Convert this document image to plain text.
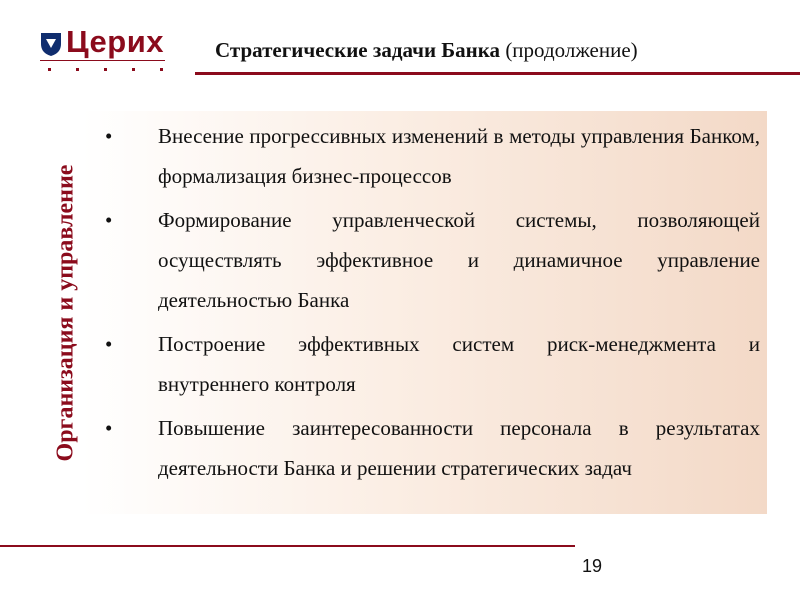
Церих Стратегические задачи Банка (продолжение)
Организация и управление
• Внесение прогрессивных изменений в методы управления Банком, формализация бизнес-процессов
• Формирование управленческой системы, позволяющей осуществлять эффективное и динамичное управление деятельностью Банка
• Построение эффективных систем риск-менеджмента и внутреннего контроля
• Повышение заинтересованности персонала в результатах деятельности Банка и решении стратегических задач
19
